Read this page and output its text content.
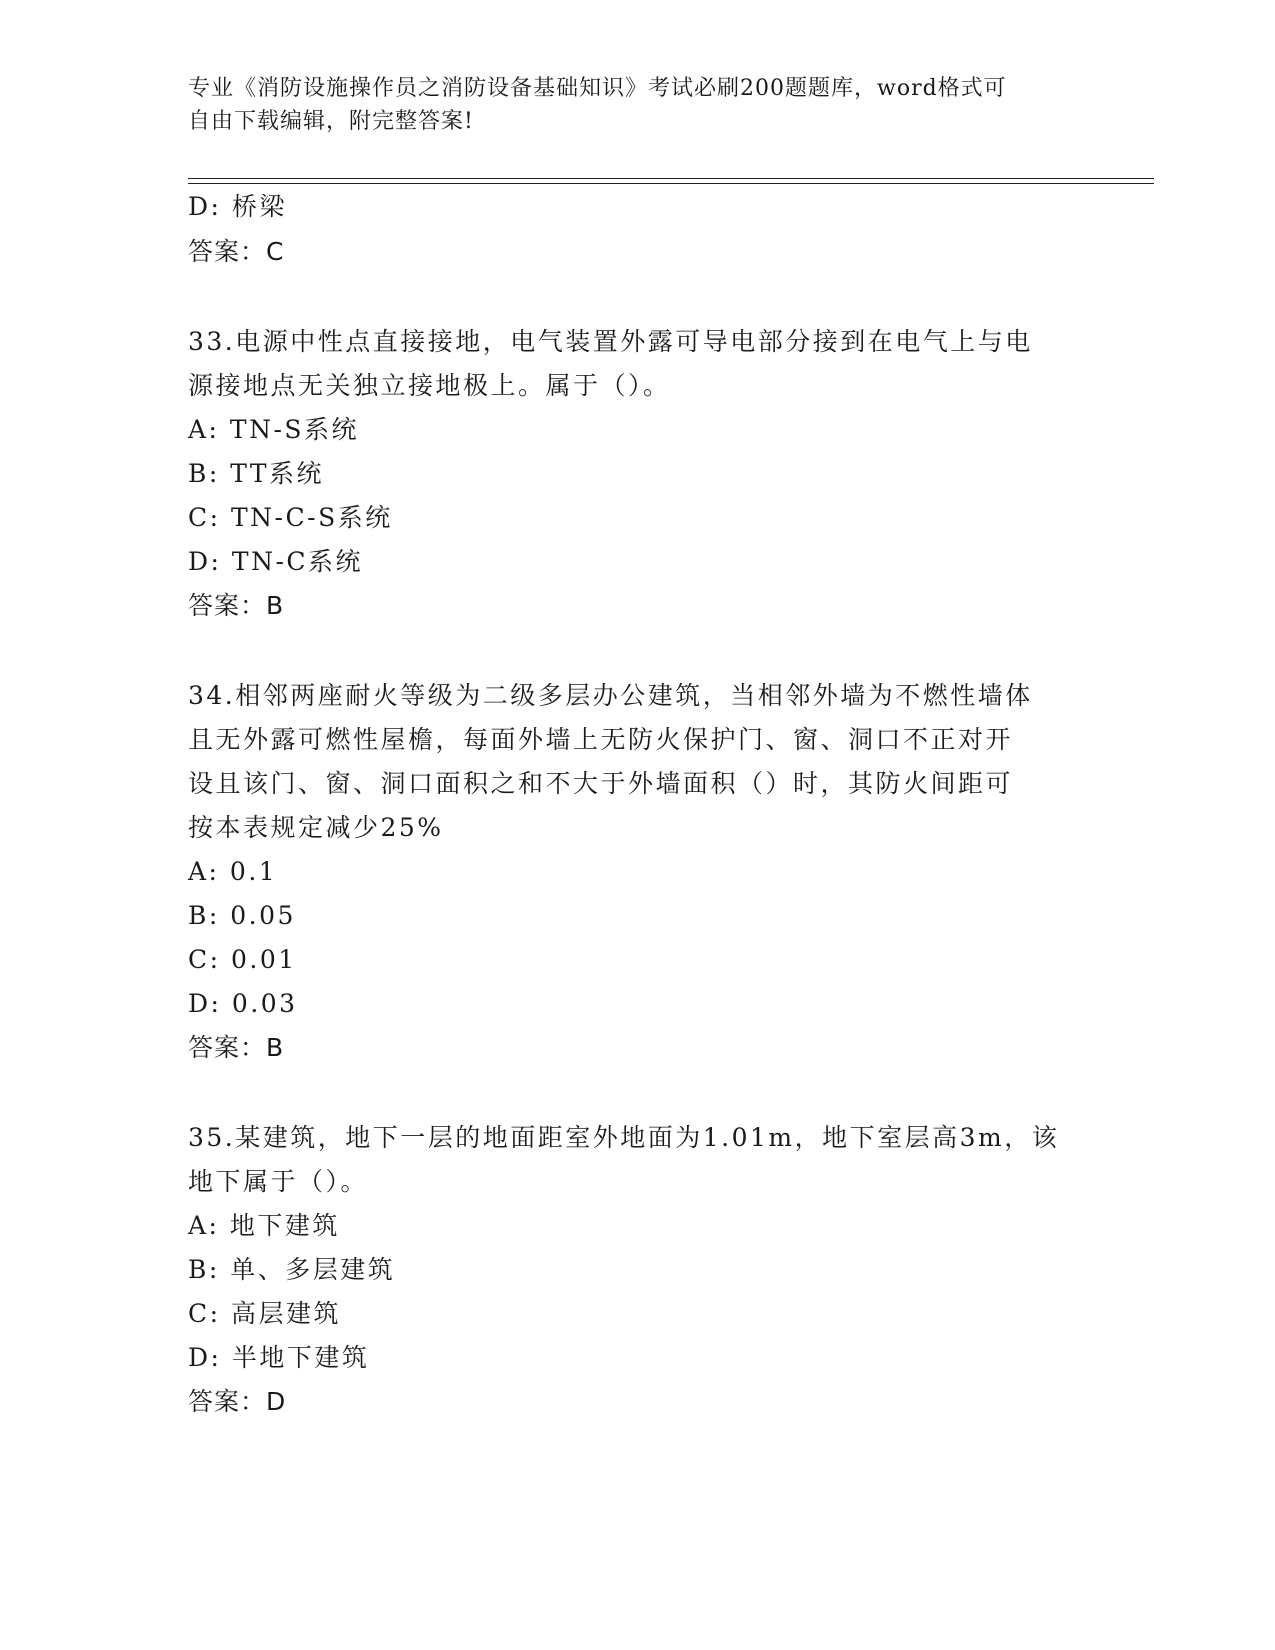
专业《消防设施操作员之消防设备基础知识》考试必刷200题题库，word格式可
自由下载编辑，附完整答案!
D: 桥梁
答案：C
33.电源中性点直接接地，电气装置外露可导电部分接到在电气上与电
源接地点无关独立接地极上。属于（）。
A: TN-S系统
B: TT系统
C: TN-C-S系统
D: TN-C系统
答案：B
34.相邻两座耐火等级为二级多层办公建筑，当相邻外墙为不燃性墙体
且无外露可燃性屋檐，每面外墙上无防火保护门、窗、洞口不正对开
设且该门、窗、洞口面积之和不大于外墙面积（）时，其防火间距可
按本表规定减少25%
A: 0.1
B: 0.05
C: 0.01
D: 0.03
答案：B
35.某建筑，地下一层的地面距室外地面为1.01m，地下室层高3m，该
地下属于（）。
A: 地下建筑
B: 单、多层建筑
C: 高层建筑
D: 半地下建筑
答案：D
